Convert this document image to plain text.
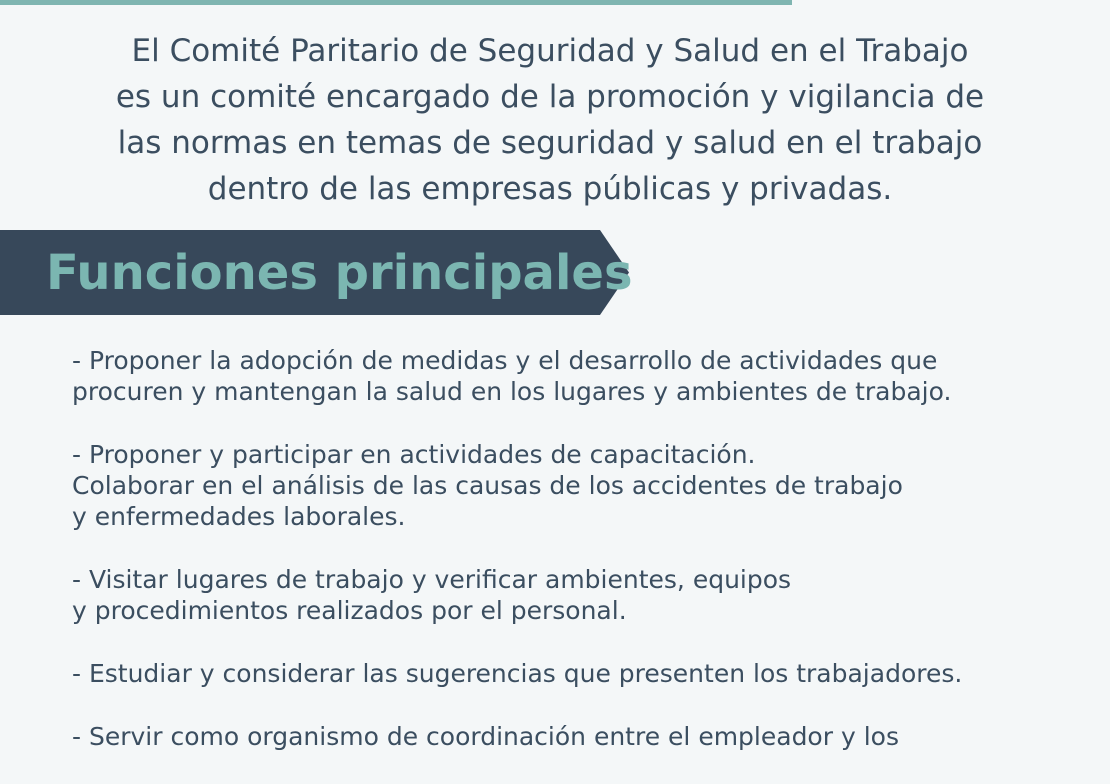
El Comité Paritario de Seguridad y Salud en el Trabajo
es un comité encargado de la promoción y vigilancia de
las normas en temas de seguridad y salud en el trabajo
dentro de las empresas públicas y privadas.
Funciones principales
- Proponer la adopción de medidas y el desarrollo de actividades que
procuren y mantengan la salud en los lugares y ambientes de trabajo.
- Proponer y participar en actividades de capacitación.
Colaborar en el análisis de las causas de los accidentes de trabajo
y enfermedades laborales.
- Visitar lugares de trabajo y verificar ambientes, equipos
y procedimientos realizados por el personal.
- Estudiar y considerar las sugerencias que presenten los trabajadores.
- Servir como organismo de coordinación entre el empleador y los
